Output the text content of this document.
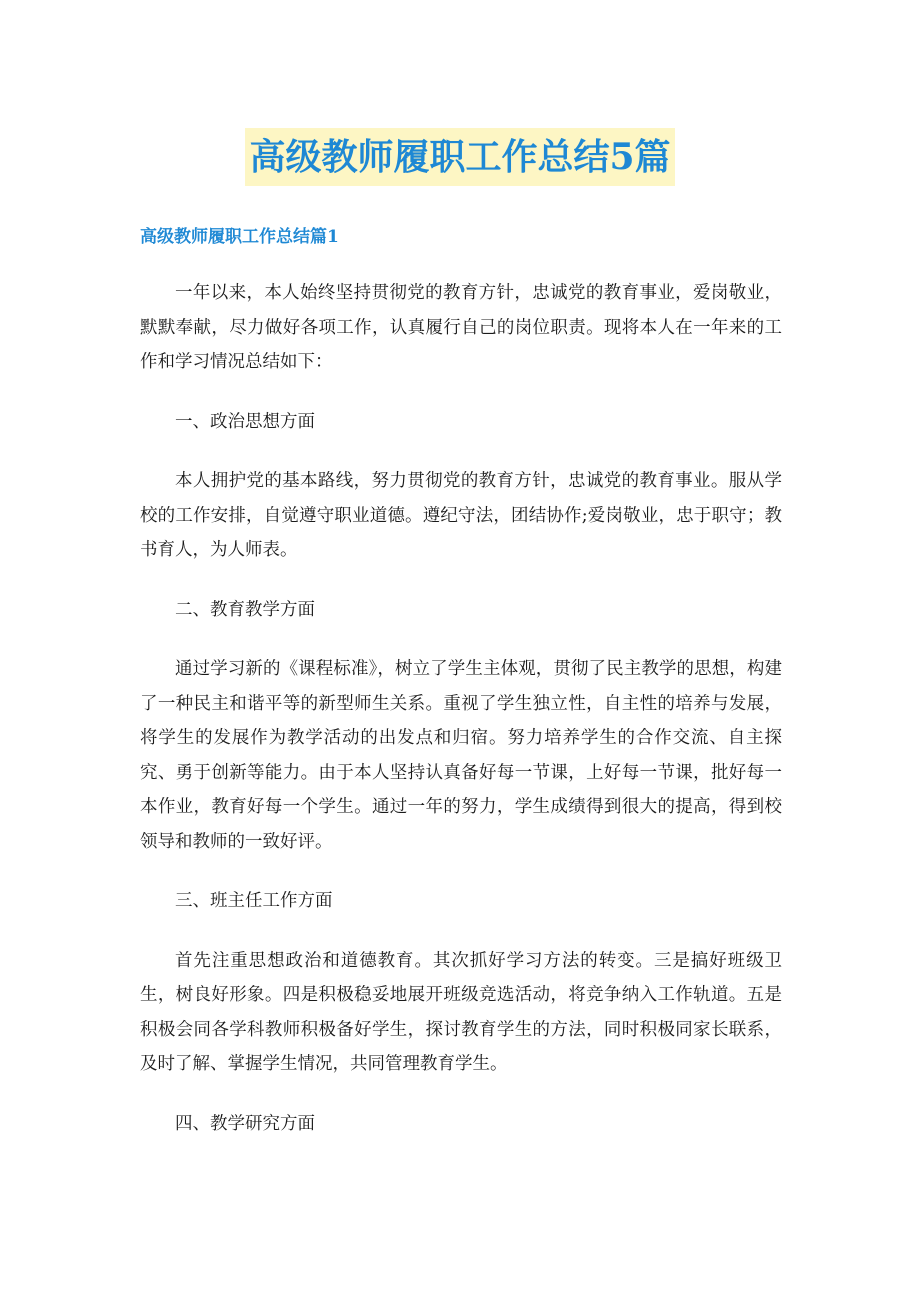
高级教师履职工作总结5篇
高级教师履职工作总结篇1

一年以来，本人始终坚持贯彻党的教育方针，忠诚党的教育事业，爱岗敬业，默默奉献，尽力做好各项工作，认真履行自己的岗位职责。现将本人在一年来的工作和学习情况总结如下：

一、政治思想方面

本人拥护党的基本路线，努力贯彻党的教育方针，忠诚党的教育事业。服从学校的工作安排，自觉遵守职业道德。遵纪守法，团结协作;爱岗敬业，忠于职守；教书育人，为人师表。

二、教育教学方面

通过学习新的《课程标准》，树立了学生主体观，贯彻了民主教学的思想，构建了一种民主和谐平等的新型师生关系。重视了学生独立性，自主性的培养与发展，将学生的发展作为教学活动的出发点和归宿。努力培养学生的合作交流、自主探究、勇于创新等能力。由于本人坚持认真备好每一节课，上好每一节课，批好每一本作业，教育好每一个学生。通过一年的努力，学生成绩得到很大的提高，得到校领导和教师的一致好评。

三、班主任工作方面

首先注重思想政治和道德教育。其次抓好学习方法的转变。三是搞好班级卫生，树良好形象。四是积极稳妥地展开班级竞选活动，将竞争纳入工作轨道。五是积极会同各学科教师积极备好学生，探讨教育学生的方法，同时积极同家长联系，及时了解、掌握学生情况，共同管理教育学生。

四、教学研究方面
